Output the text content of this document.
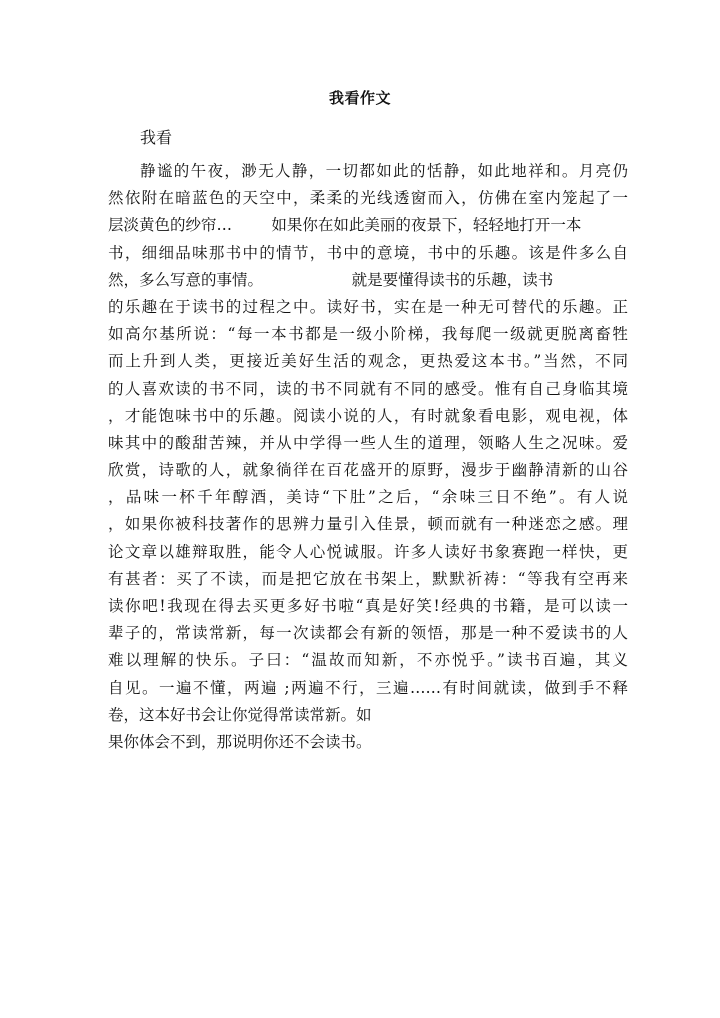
我看作文
我看
静谧的午夜，渺无人静，一切都如此的恬静，如此地祥和。月亮仍
然依附在暗蓝色的天空中，柔柔的光线透窗而入，仿佛在室内笼起了一
层淡黄色的纱帘…        如果你在如此美丽的夜景下，轻轻地打开一本
书，细细品味那书中的情节，书中的意境，书中的乐趣。该是件多么自
然，多么写意的事情。                  就是要懂得读书的乐趣，读书
的乐趣在于读书的过程之中。读好书，实在是一种无可替代的乐趣。正
如高尔基所说：“每一本书都是一级小阶梯，我每爬一级就更脱离畜牲
而上升到人类，更接近美好生活的观念，更热爱这本书。”当然，不同
的人喜欢读的书不同，读的书不同就有不同的感受。惟有自己身临其境
，才能饱味书中的乐趣。阅读小说的人，有时就象看电影，观电视，体
味其中的酸甜苦辣，并从中学得一些人生的道理，领略人生之况味。爱
欣赏，诗歌的人，就象徜徉在百花盛开的原野，漫步于幽静清新的山谷
，品味一杯千年醇酒，美诗“下肚”之后，“余味三日不绝”。有人说
，如果你被科技著作的思辨力量引入佳景，顿而就有一种迷恋之感。理
论文章以雄辩取胜，能令人心悦诚服。许多人读好书象赛跑一样快，更
有甚者：买了不读，而是把它放在书架上，默默祈祷：“等我有空再来
读你吧!我现在得去买更多好书啦“真是好笑!经典的书籍，是可以读一
辈子的，常读常新，每一次读都会有新的领悟，那是一种不爱读书的人
难以理解的快乐。子曰：“温故而知新，不亦悦乎。”读书百遍，其义
自见。一遍不懂，两遍 ;两遍不行，三遍……有时间就读，做到手不释
卷，这本好书会让你觉得常读常新。如
果你体会不到，那说明你还不会读书。
